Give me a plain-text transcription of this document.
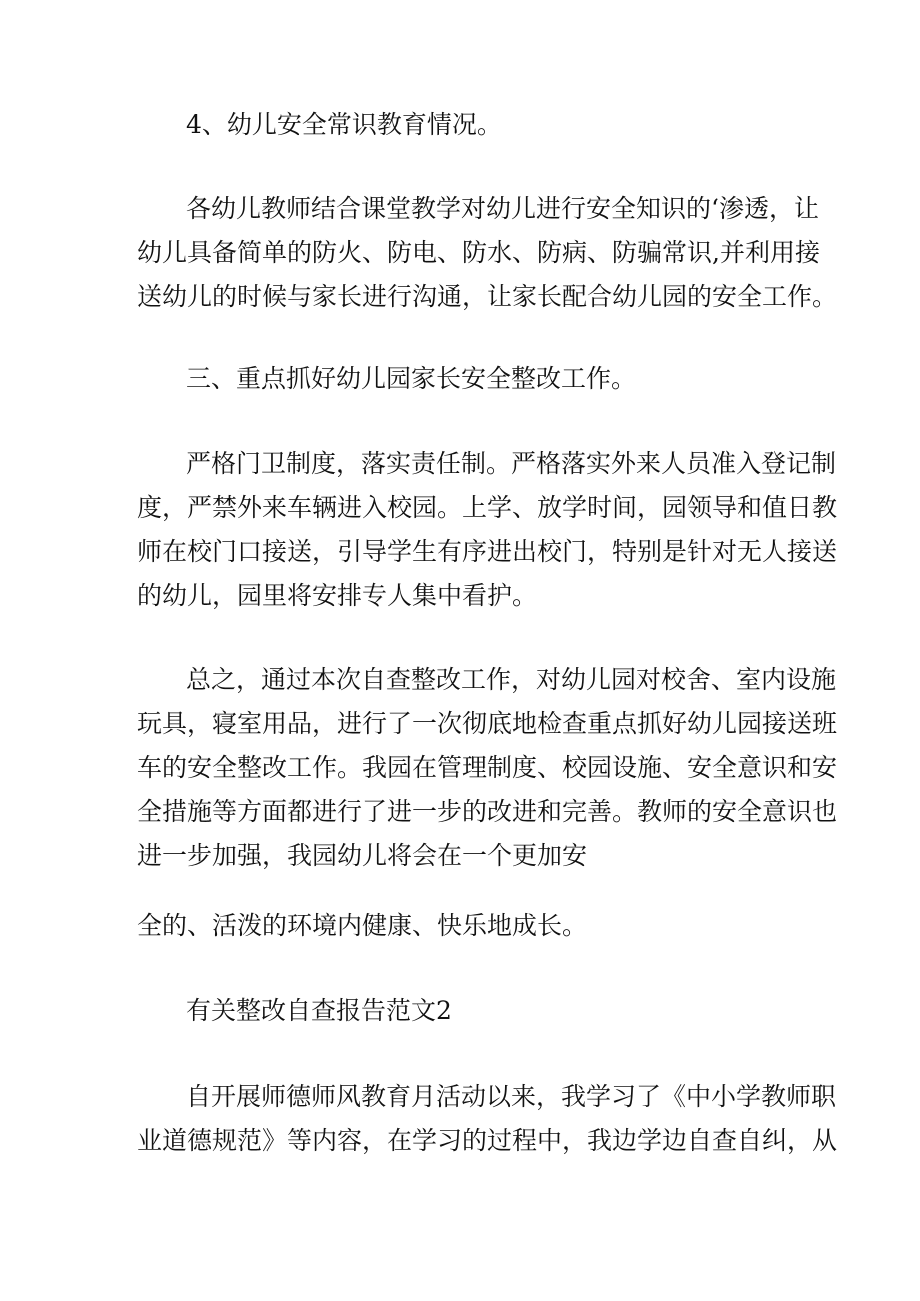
4、幼儿安全常识教育情况。
各幼儿教师结合课堂教学对幼儿进行安全知识的‘渗透，让
幼儿具备简单的防火、防电、防水、防病、防骗常识,并利用接
送幼儿的时候与家长进行沟通，让家长配合幼儿园的安全工作。
三、重点抓好幼儿园家长安全整改工作。
严格门卫制度，落实责任制。严格落实外来人员准入登记制
度，严禁外来车辆进入校园。上学、放学时间，园领导和值日教
师在校门口接送，引导学生有序进出校门，特别是针对无人接送
的幼儿，园里将安排专人集中看护。
总之，通过本次自查整改工作，对幼儿园对校舍、室内设施
玩具，寝室用品，进行了一次彻底地检查重点抓好幼儿园接送班
车的安全整改工作。我园在管理制度、校园设施、安全意识和安
全措施等方面都进行了进一步的改进和完善。教师的安全意识也
进一步加强，我园幼儿将会在一个更加安
全的、活泼的环境内健康、快乐地成长。
有关整改自查报告范文2
自开展师德师风教育月活动以来，我学习了《中小学教师职
业道德规范》等内容，在学习的过程中，我边学边自查自纠，从
